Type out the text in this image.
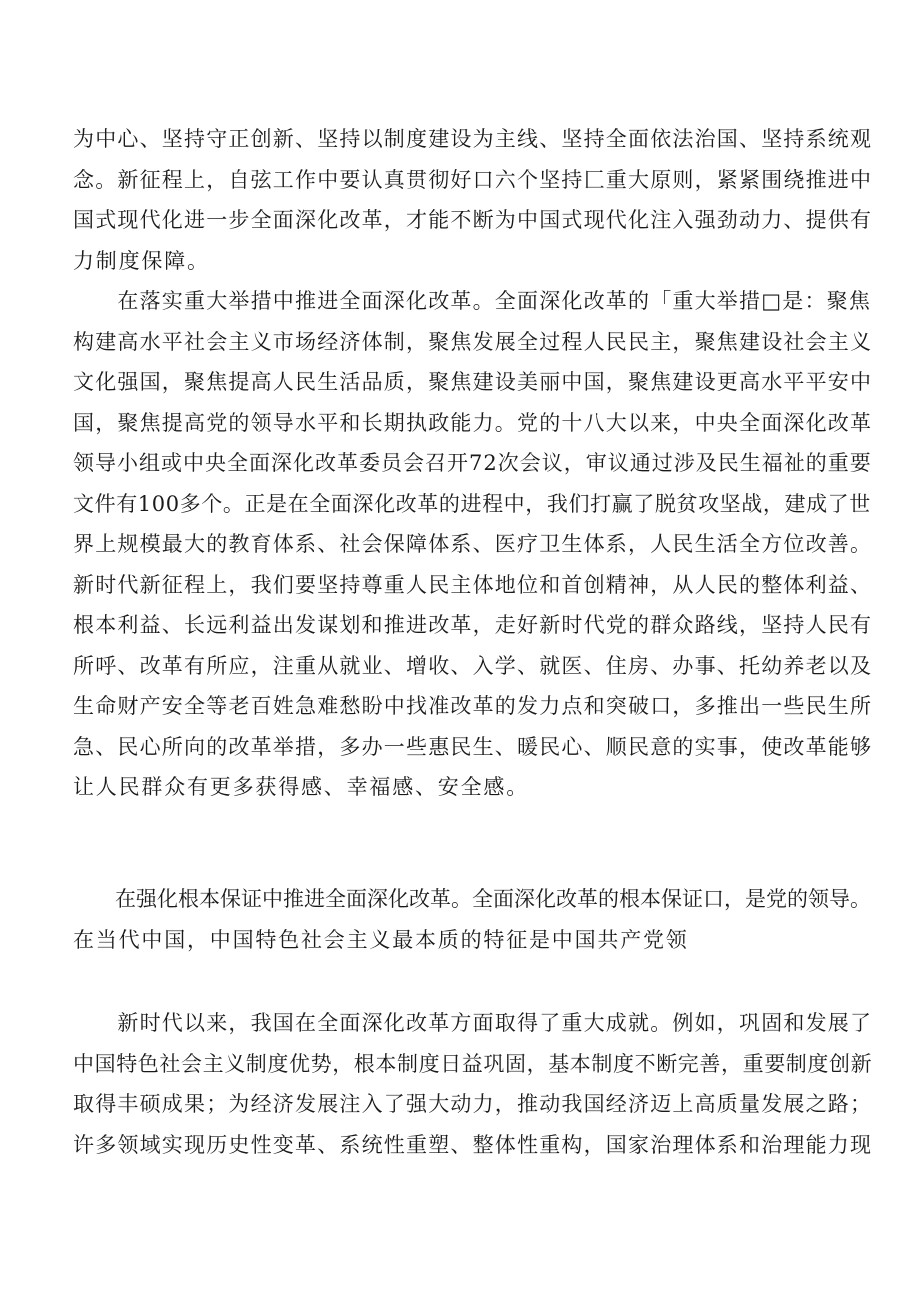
为中心、坚持守正创新、坚持以制度建设为主线、坚持全面依法治国、坚持系统观
念。新征程上，自弦工作中要认真贯彻好口六个坚持匚重大原则，紧紧围绕推进中
国式现代化进一步全面深化改革，才能不断为中国式现代化注入强劲动力、提供有
力制度保障。
　　在落实重大举措中推进全面深化改革。全面深化改革的「重大举措□是：聚焦
构建高水平社会主义市场经济体制，聚焦发展全过程人民民主，聚焦建设社会主义
文化强国，聚焦提高人民生活品质，聚焦建设美丽中国，聚焦建设更高水平平安中
国，聚焦提高党的领导水平和长期执政能力。党的十八大以来，中央全面深化改革
领导小组或中央全面深化改革委员会召开72次会议，审议通过涉及民生福祉的重要
文件有100多个。正是在全面深化改革的进程中，我们打赢了脱贫攻坚战，建成了世
界上规模最大的教育体系、社会保障体系、医疗卫生体系，人民生活全方位改善。
新时代新征程上，我们要坚持尊重人民主体地位和首创精神，从人民的整体利益、
根本利益、长远利益出发谋划和推进改革，走好新时代党的群众路线，坚持人民有
所呼、改革有所应，注重从就业、增收、入学、就医、住房、办事、托幼养老以及
生命财产安全等老百姓急难愁盼中找准改革的发力点和突破口，多推出一些民生所
急、民心所向的改革举措，多办一些惠民生、暖民心、顺民意的实事，使改革能够
让人民群众有更多获得感、幸福感、安全感。
　　在强化根本保证中推进全面深化改革。全面深化改革的根本保证口，是党的领导。
在当代中国，中国特色社会主义最本质的特征是中国共产党领
　　新时代以来，我国在全面深化改革方面取得了重大成就。例如，巩固和发展了
中国特色社会主义制度优势，根本制度日益巩固，基本制度不断完善，重要制度创新
取得丰硕成果；为经济发展注入了强大动力，推动我国经济迈上高质量发展之路；
许多领域实现历史性变革、系统性重塑、整体性重构，国家治理体系和治理能力现
